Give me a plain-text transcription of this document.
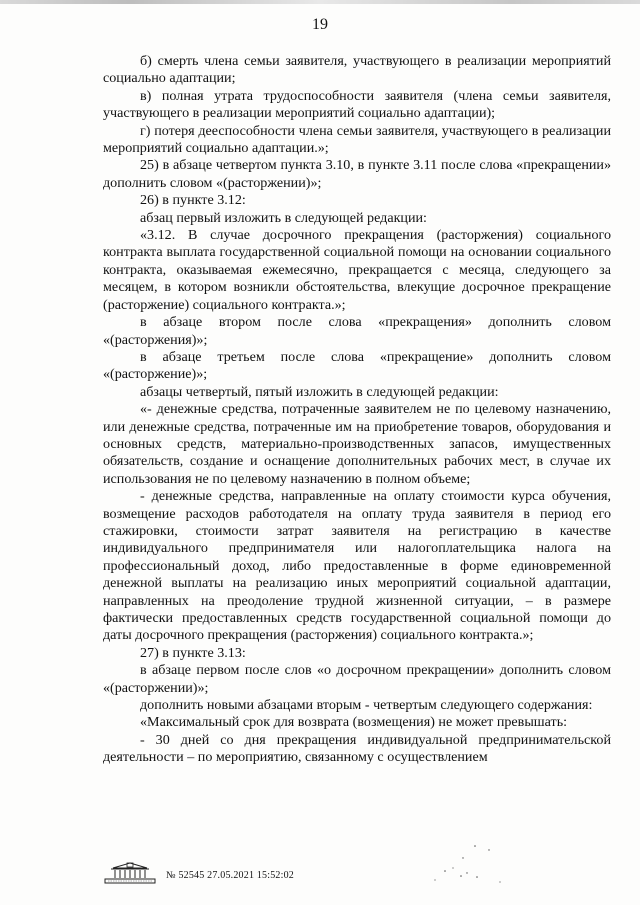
19

б) смерть члена семьи заявителя, участвующего в реализации мероприятий социально адаптации;

в) полная утрата трудоспособности заявителя (члена семьи заявителя, участвующего в реализации мероприятий социально адаптации);

г) потеря дееспособности члена семьи заявителя, участвующего в реализации мероприятий социально адаптации.»;

25) в абзаце четвертом пункта 3.10, в пункте 3.11 после слова «прекращении» дополнить словом «(расторжении)»;

26) в пункте 3.12:

абзац первый изложить в следующей редакции:

«3.12. В случае досрочного прекращения (расторжения) социального контракта выплата государственной социальной помощи на основании социального контракта, оказываемая ежемесячно, прекращается с месяца, следующего за месяцем, в котором возникли обстоятельства, влекущие досрочное прекращение (расторжение) социального контракта.»;

в абзаце втором после слова «прекращения» дополнить словом «(расторжения)»;

в абзаце третьем после слова «прекращение» дополнить словом «(расторжение)»;

абзацы четвертый, пятый изложить в следующей редакции:

«- денежные средства, потраченные заявителем не по целевому назначению, или денежные средства, потраченные им на приобретение товаров, оборудования и основных средств, материально-производственных запасов, имущественных обязательств, создание и оснащение дополнительных рабочих мест, в случае их использования не по целевому назначению в полном объеме;

- денежные средства, направленные на оплату стоимости курса обучения, возмещение расходов работодателя на оплату труда заявителя в период его стажировки, стоимости затрат заявителя на регистрацию в качестве индивидуального предпринимателя или налогоплательщика налога на профессиональный доход, либо предоставленные в форме единовременной денежной выплаты на реализацию иных мероприятий социальной адаптации, направленных на преодоление трудной жизненной ситуации, – в размере фактически предоставленных средств государственной социальной помощи до даты досрочного прекращения (расторжения) социального контракта.»;

27) в пункте 3.13:

в абзаце первом после слов «о досрочном прекращении» дополнить словом «(расторжении)»;

дополнить новыми абзацами вторым - четвертым следующего содержания:

«Максимальный срок для возврата (возмещения) не может превышать:

- 30 дней со дня прекращения индивидуальной предпринимательской деятельности – по мероприятию, связанному с осуществлением

№ 52545 27.05.2021 15:52:02
